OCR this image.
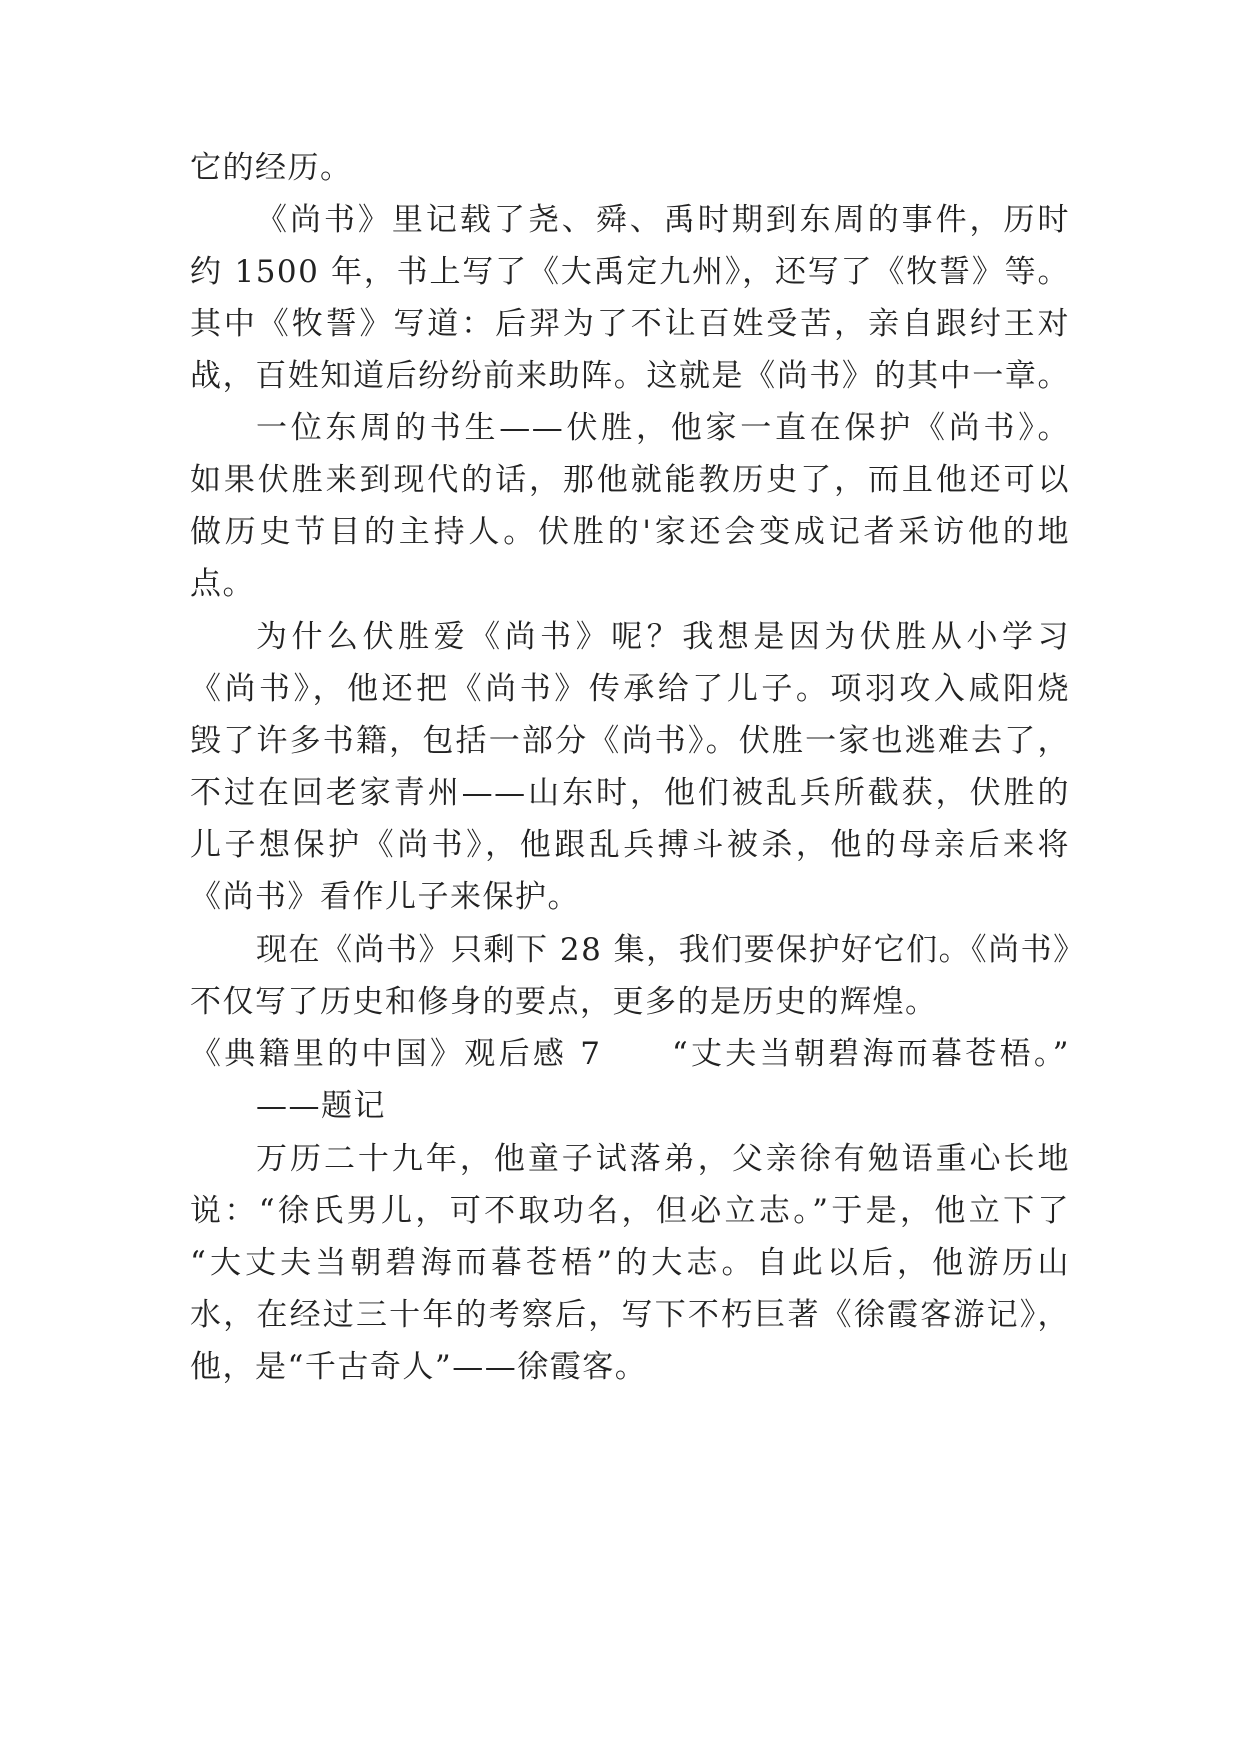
它的经历。
《尚书》里记载了尧、舜、禹时期到东周的事件，历时
约 1500 年，书上写了《大禹定九州》，还写了《牧誓》等。
其中《牧誓》写道：后羿为了不让百姓受苦，亲自跟纣王对
战，百姓知道后纷纷前来助阵。这就是《尚书》的其中一章。
一位东周的书生——伏胜，他家一直在保护《尚书》。
如果伏胜来到现代的话，那他就能教历史了，而且他还可以
做历史节目的主持人。伏胜的'家还会变成记者采访他的地
点。
为什么伏胜爱《尚书》呢？我想是因为伏胜从小学习
《尚书》，他还把《尚书》传承给了儿子。项羽攻入咸阳烧
毁了许多书籍，包括一部分《尚书》。伏胜一家也逃难去了，
不过在回老家青州——山东时，他们被乱兵所截获，伏胜的
儿子想保护《尚书》，他跟乱兵搏斗被杀，他的母亲后来将
《尚书》看作儿子来保护。
现在《尚书》只剩下 28 集，我们要保护好它们。《尚书》
不仅写了历史和修身的要点，更多的是历史的辉煌。
《典籍里的中国》观后感 7　　“丈夫当朝碧海而暮苍梧。”
——题记
万历二十九年，他童子试落弟，父亲徐有勉语重心长地
说：“徐氏男儿，可不取功名，但必立志。”于是，他立下了
“大丈夫当朝碧海而暮苍梧”的大志。自此以后，他游历山
水，在经过三十年的考察后，写下不朽巨著《徐霞客游记》，
他，是“千古奇人”——徐霞客。
